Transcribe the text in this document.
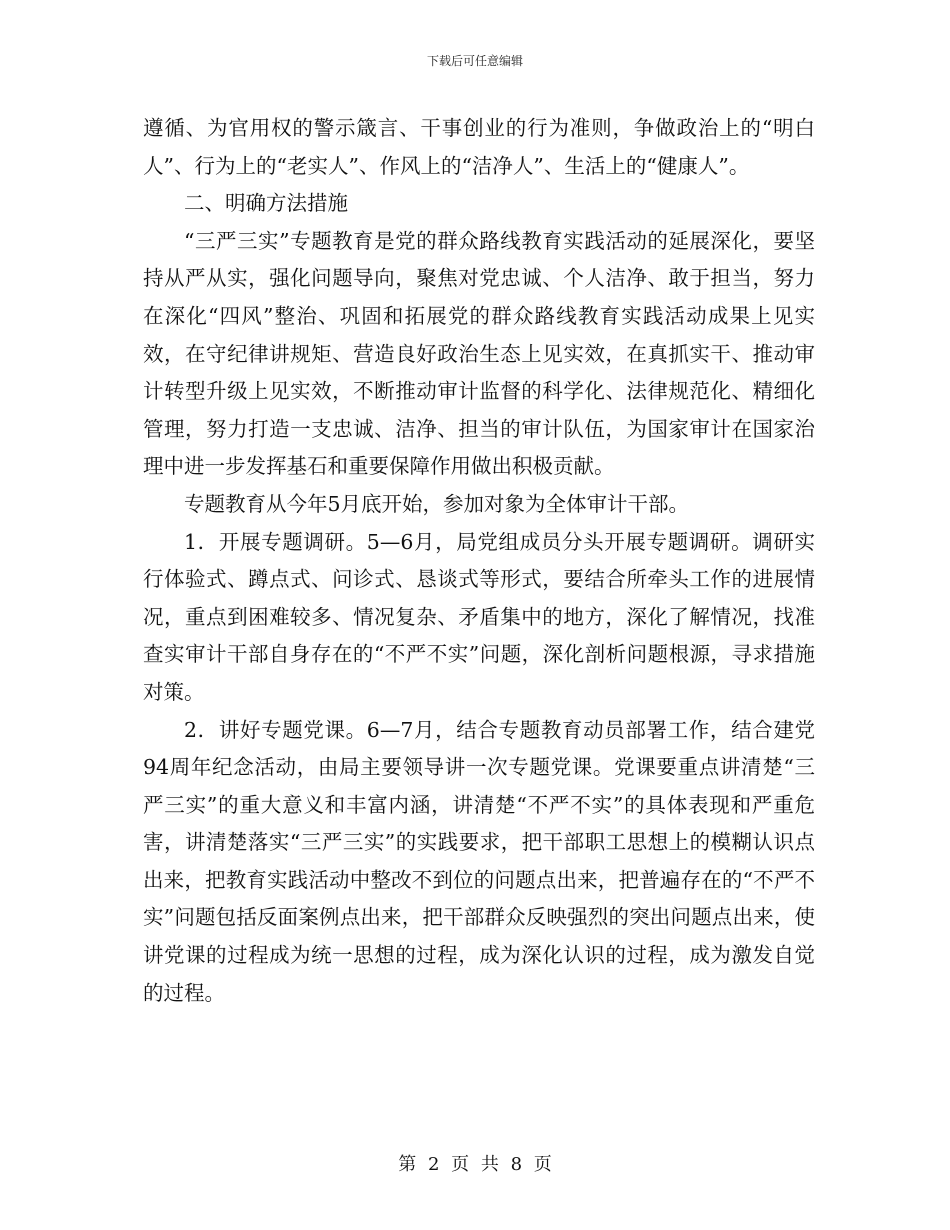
下载后可任意编辑

遵循、为官用权的警示箴言、干事创业的行为准则，争做政治上的“明白人”、行为上的“老实人”、作风上的“洁净人”、生活上的“健康人”。

二、明确方法措施

“三严三实”专题教育是党的群众路线教育实践活动的延展深化，要坚持从严从实，强化问题导向，聚焦对党忠诚、个人洁净、敢于担当，努力在深化“四风”整治、巩固和拓展党的群众路线教育实践活动成果上见实效，在守纪律讲规矩、营造良好政治生态上见实效，在真抓实干、推动审计转型升级上见实效，不断推动审计监督的科学化、法律规范化、精细化管理，努力打造一支忠诚、洁净、担当的审计队伍，为国家审计在国家治理中进一步发挥基石和重要保障作用做出积极贡献。

专题教育从今年5月底开始，参加对象为全体审计干部。

1．开展专题调研。5—6月，局党组成员分头开展专题调研。调研实行体验式、蹲点式、问诊式、恳谈式等形式，要结合所牵头工作的进展情况，重点到困难较多、情况复杂、矛盾集中的地方，深化了解情况，找准查实审计干部自身存在的“不严不实”问题，深化剖析问题根源，寻求措施对策。

2．讲好专题党课。6—7月，结合专题教育动员部署工作，结合建党94周年纪念活动，由局主要领导讲一次专题党课。党课要重点讲清楚“三严三实”的重大意义和丰富内涵，讲清楚“不严不实”的具体表现和严重危害，讲清楚落实“三严三实”的实践要求，把干部职工思想上的模糊认识点出来，把教育实践活动中整改不到位的问题点出来，把普遍存在的“不严不实”问题包括反面案例点出来，把干部群众反映强烈的突出问题点出来，使讲党课的过程成为统一思想的过程，成为深化认识的过程，成为激发自觉的过程。

第 2 页 共 8 页
